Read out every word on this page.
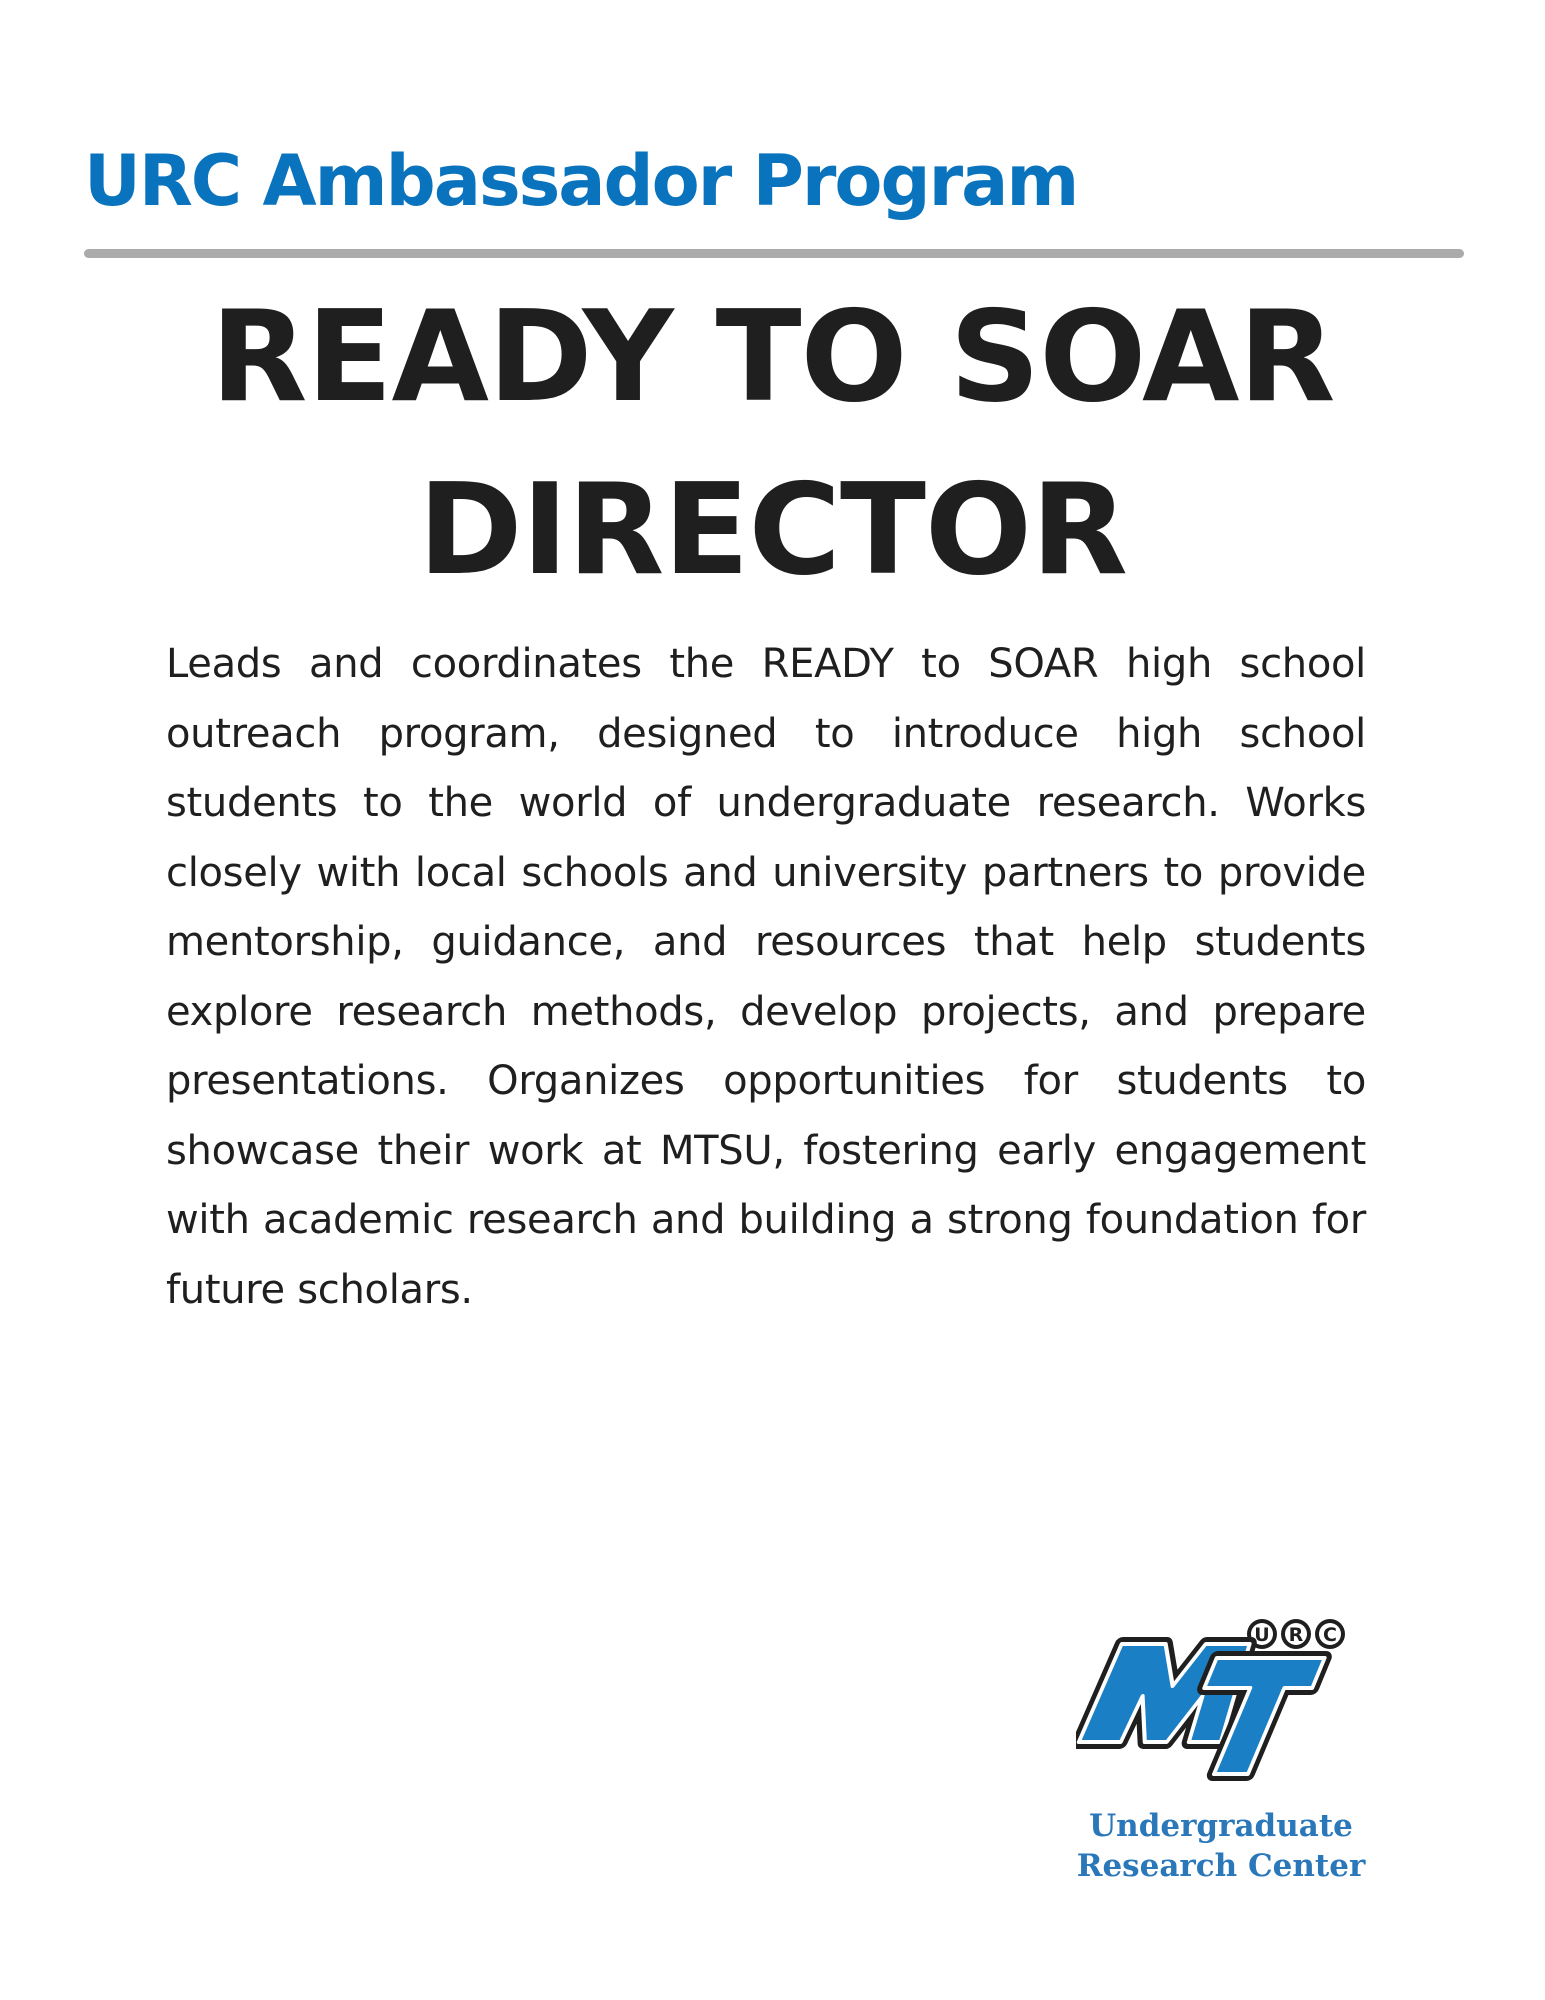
URC Ambassador Program
READY TO SOAR
DIRECTOR

Leads and coordinates the READY to SOAR high school outreach program, designed to introduce high school students to the world of undergraduate research. Works closely with local schools and university partners to provide mentorship, guidance, and resources that help students explore research methods, develop projects, and prepare presentations. Organizes opportunities for students to showcase their work at MTSU, fostering early engagement with academic research and building a strong foundation for future scholars.

U R C

Undergraduate
Research Center
